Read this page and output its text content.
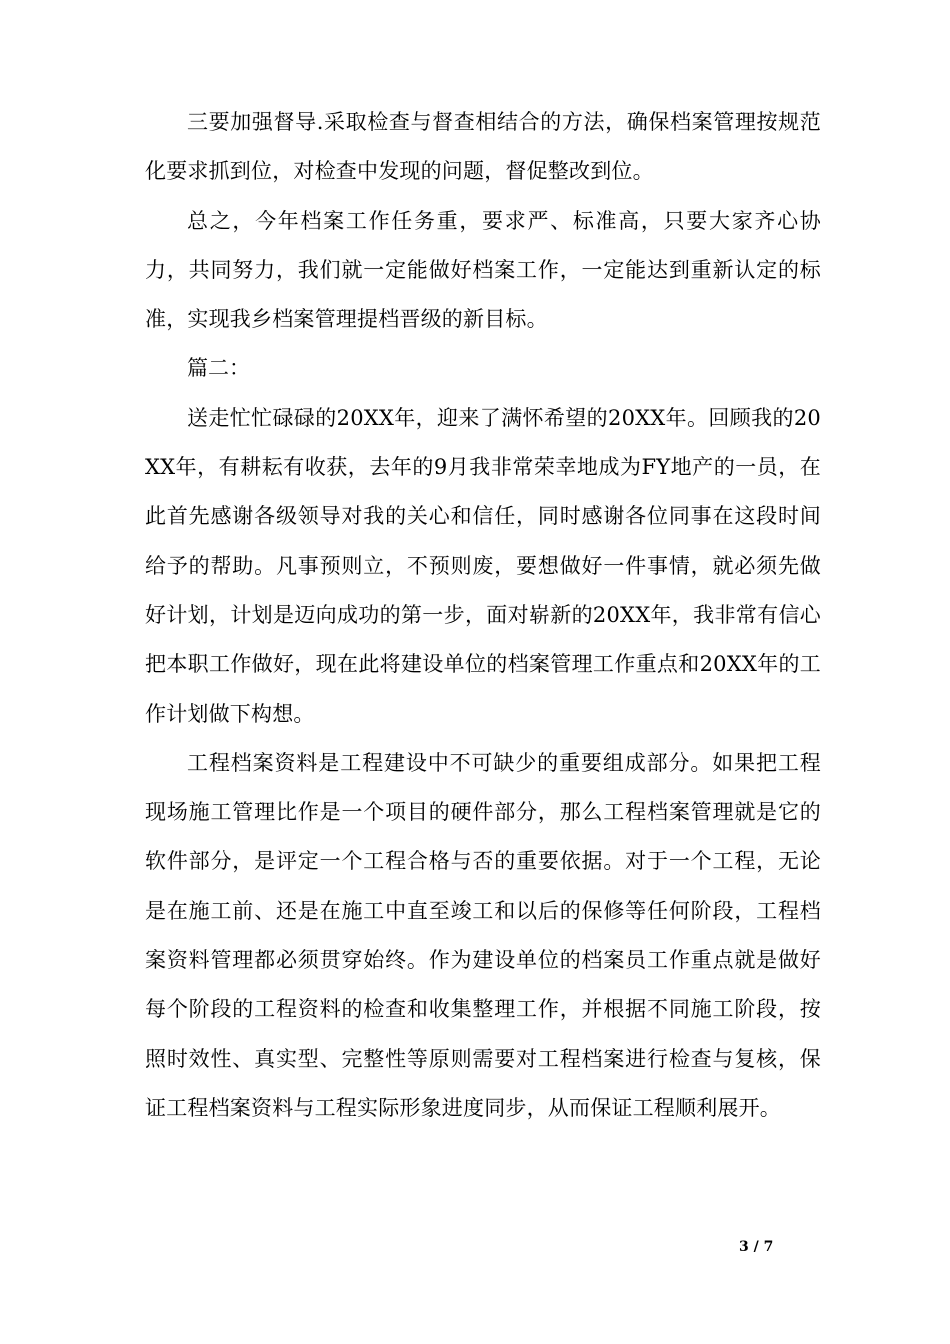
三要加强督导.采取检查与督查相结合的方法，确保档案管理按规范化要求抓到位，对检查中发现的问题，督促整改到位。

总之，今年档案工作任务重，要求严、标准高，只要大家齐心协力，共同努力，我们就一定能做好档案工作，一定能达到重新认定的标准，实现我乡档案管理提档晋级的新目标。

篇二：

送走忙忙碌碌的20XX年，迎来了满怀希望的20XX年。回顾我的20XX年，有耕耘有收获，去年的9月我非常荣幸地成为FY地产的一员，在此首先感谢各级领导对我的关心和信任，同时感谢各位同事在这段时间给予的帮助。凡事预则立，不预则废，要想做好一件事情，就必须先做好计划，计划是迈向成功的第一步，面对崭新的20XX年，我非常有信心把本职工作做好，现在此将建设单位的档案管理工作重点和20XX年的工作计划做下构想。

工程档案资料是工程建设中不可缺少的重要组成部分。如果把工程现场施工管理比作是一个项目的硬件部分，那么工程档案管理就是它的软件部分，是评定一个工程合格与否的重要依据。对于一个工程，无论是在施工前、还是在施工中直至竣工和以后的保修等任何阶段，工程档案资料管理都必须贯穿始终。作为建设单位的档案员工作重点就是做好每个阶段的工程资料的检查和收集整理工作，并根据不同施工阶段，按照时效性、真实型、完整性等原则需要对工程档案进行检查与复核，保证工程档案资料与工程实际形象进度同步，从而保证工程顺利展开。

3 / 7
